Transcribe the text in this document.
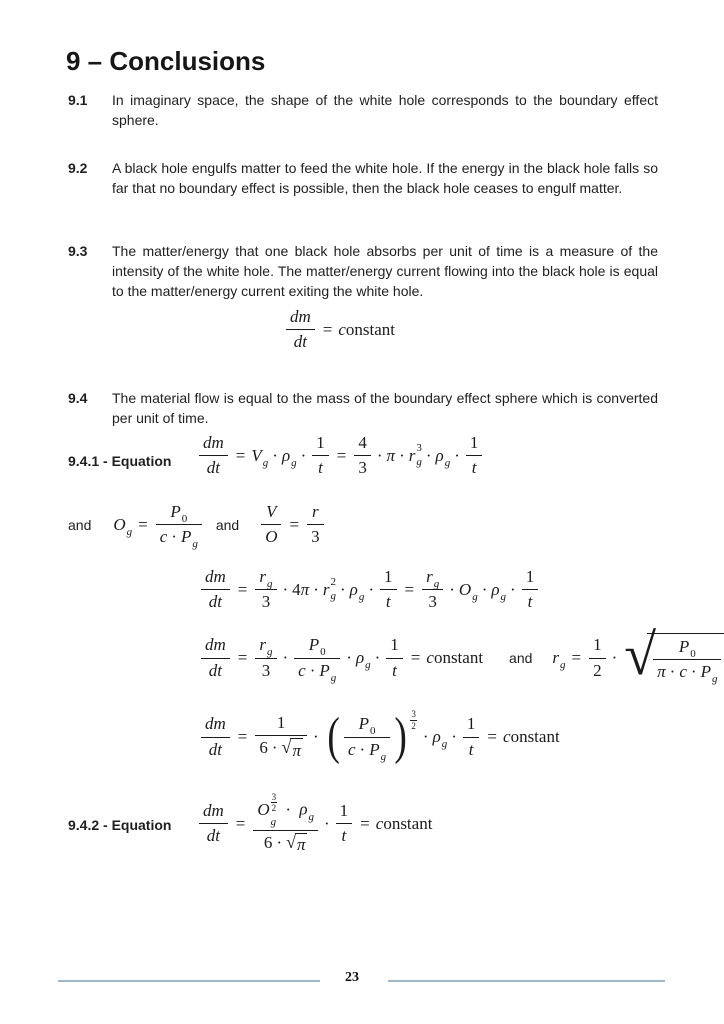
9 – Conclusions
9.1	In imaginary space, the shape of the white hole corresponds to the boundary effect sphere.
9.2	A black hole engulfs matter to feed the white hole. If the energy in the black hole falls so far that no boundary effect is possible, then the black hole ceases to engulf matter.
9.3	The matter/energy that one black hole absorbs per unit of time is a measure of the intensity of the white hole. The matter/energy current flowing into the black hole is equal to the matter/energy current exiting the white hole.
$\frac{dm}{dt}$ = constant
9.4	The material flow is equal to the mass of the boundary effect sphere which is converted per unit of time.
9.4.1 - Equation $\frac{dm}{dt} = V_g \cdot \rho_g \cdot \frac{1}{t} = \frac{4}{3} \cdot \pi \cdot r$ 3
$g \cdot \rho_g \cdot \frac{1}{t}$
and $O_g = \frac{P_0}{c \cdot P_g}$ and $\frac{V}{O} = \frac{r}{3}$
$\frac{dm}{dt} = \frac{r_g}{3} \cdot 4$ π · r 2
$g \cdot \rho_g \cdot \frac{1}{t} = \frac{r_g}{3} \cdot O_g \cdot \rho_g \cdot \frac{1}{t}$
$\frac{dm}{dt} = \frac{r_g}{3} \cdot \frac{P_0}{c \cdot P_g} \cdot \rho_g \cdot \frac{1}{t}$ = constant and $r_g = \frac{1}{2}$ · √
$\frac{P_0}{\pi \cdot c \cdot P_g}$
$\frac{dm}{dt} = \frac{1}{6 \cdot √ \pi}$ · ( $\frac{P_0}{c \cdot P_g}$ ) $\frac{3}{2}$
· $\rho_g \cdot \frac{1}{t}$ = constant
9.4.2 - Equation $\frac{dm}{dt} = O \frac{3}{2}$
g
· $\rho_g$
6 · √ $\pi \cdot \frac{1}{t}$ = constant
23
